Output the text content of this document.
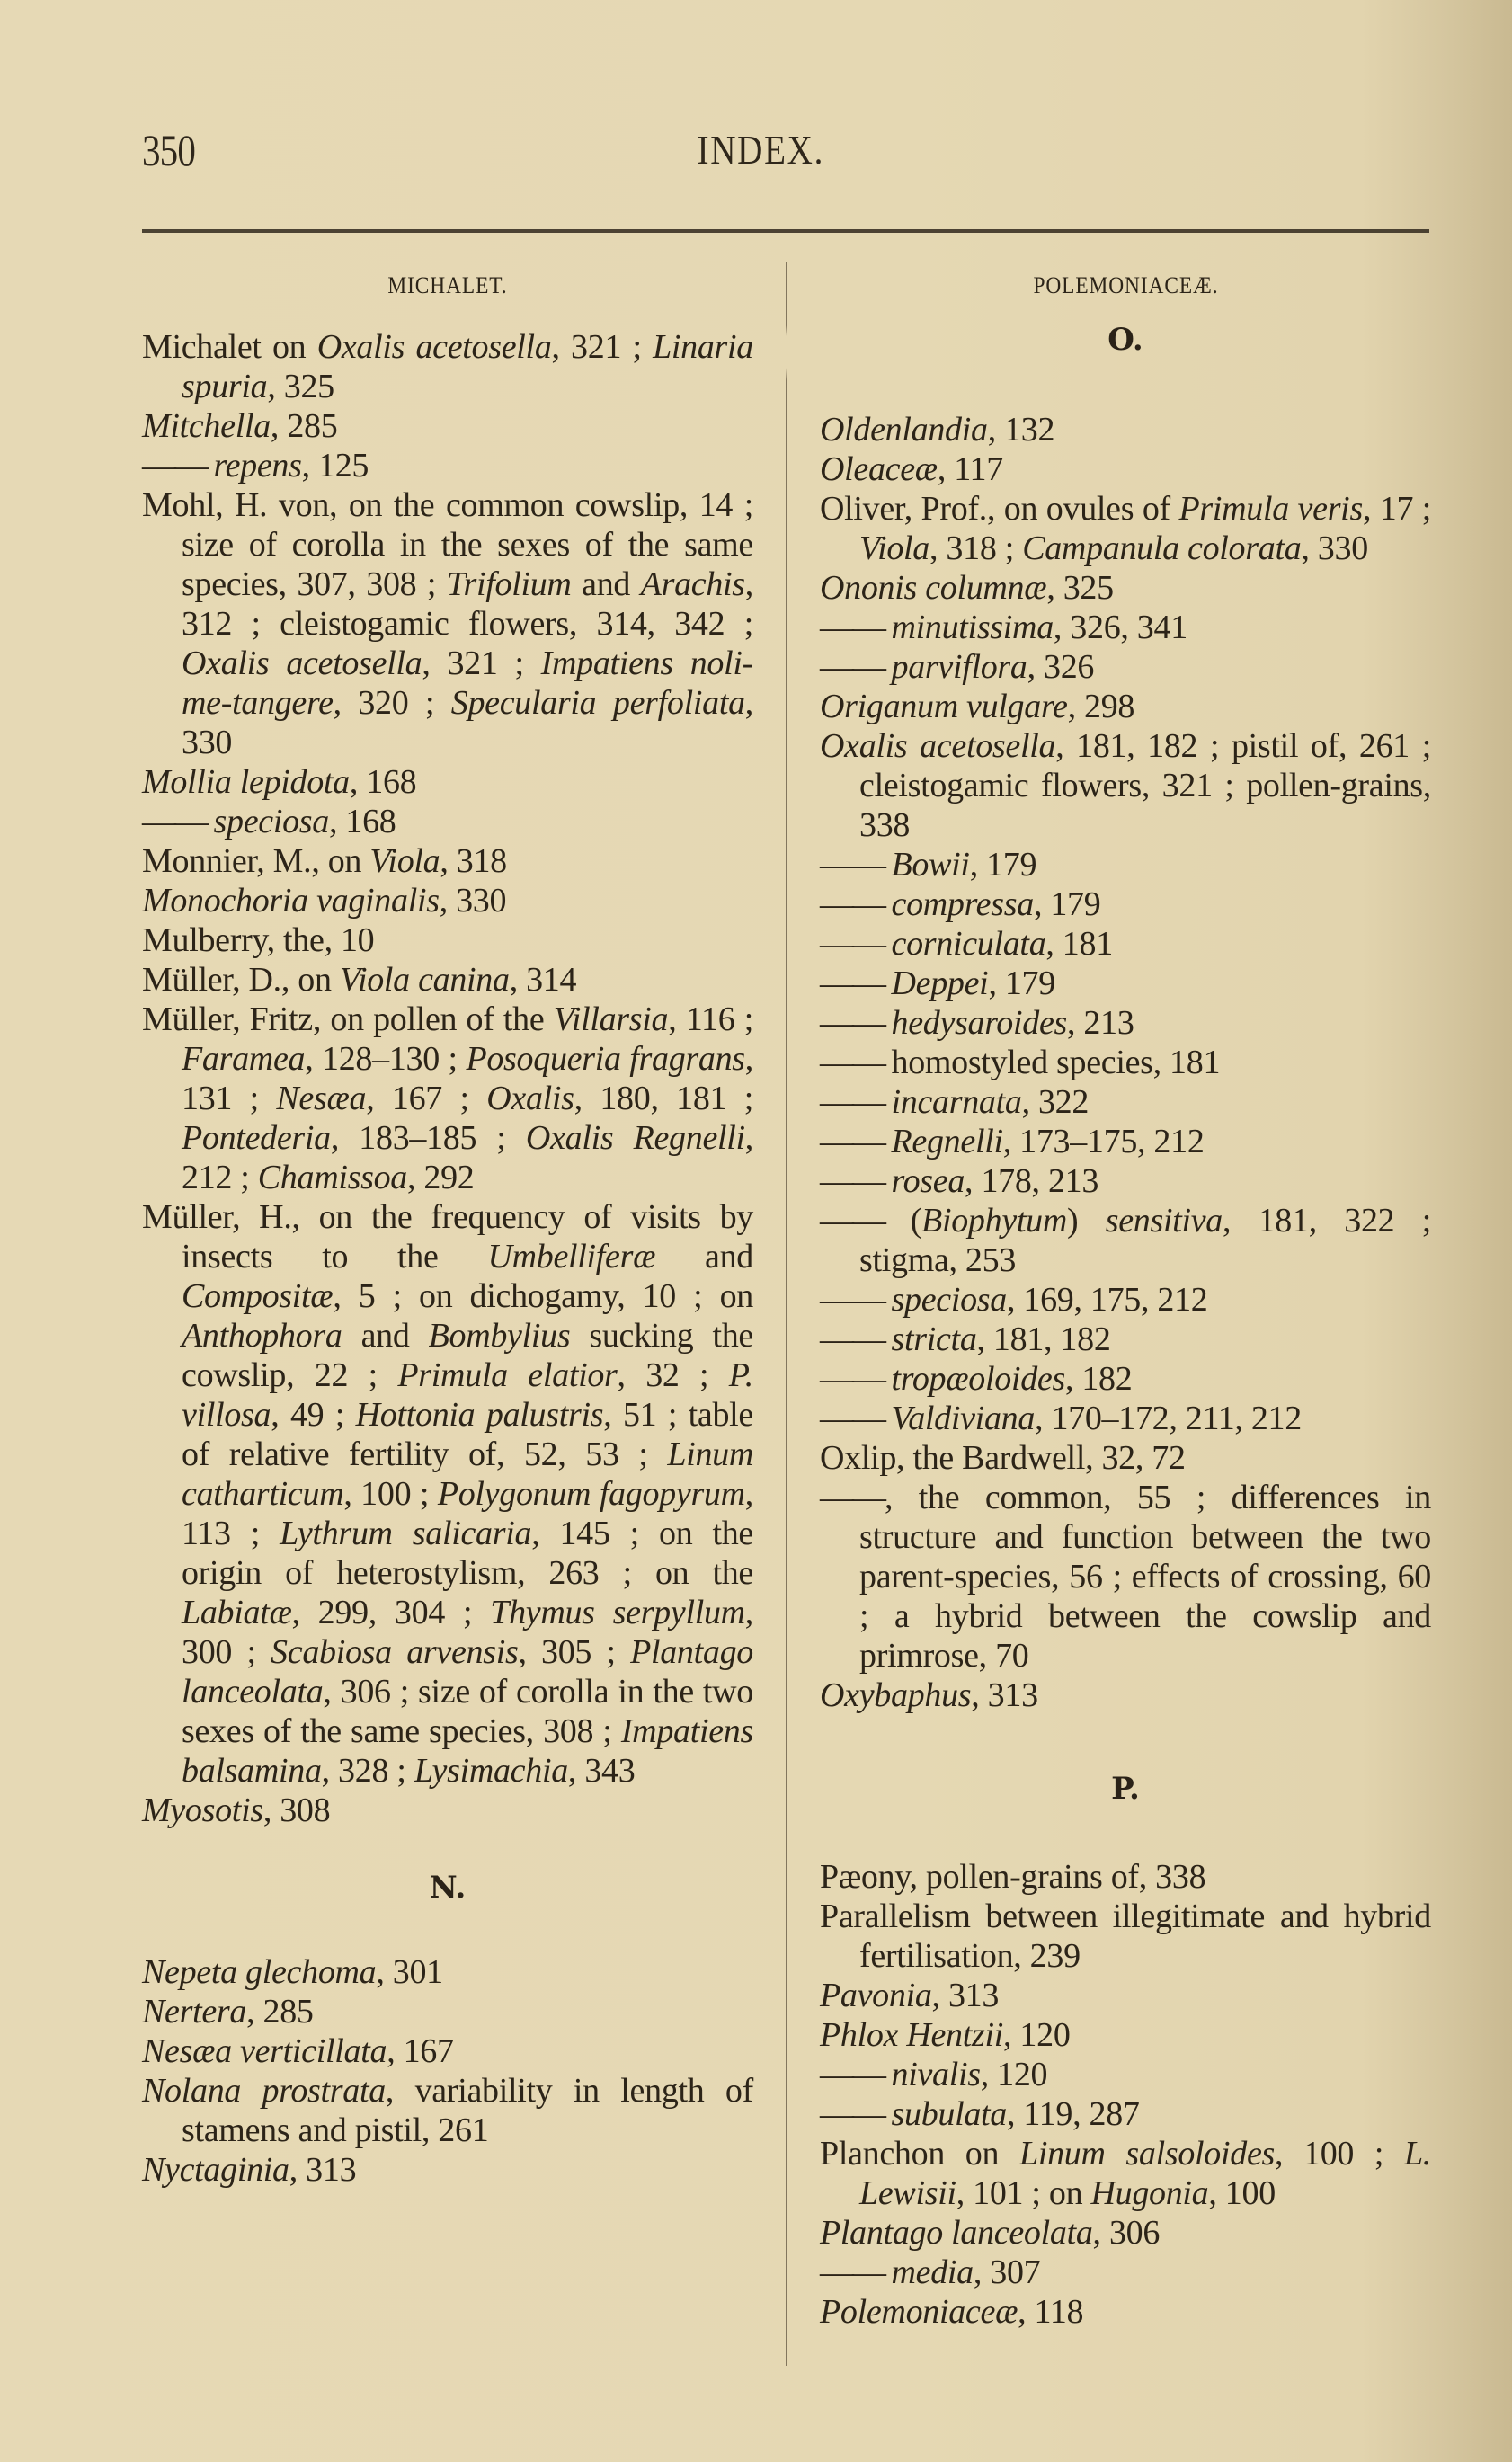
350	INDEX.
MICHALET.
Michalet on Oxalis acetosella, 321 ; Linaria spuria, 325
Mitchella, 285
—— repens, 125
Mohl, H. von, on the common cowslip, 14 ; size of corolla in the sexes of the same species, 307, 308 ; Trifolium and Arachis, 312 ; cleistogamic flowers, 314, 342 ; Oxalis acetosella, 321 ; Impatiens noli-me-tangere, 320 ; Specularia perfoliata, 330
Mollia lepidota, 168
—— speciosa, 168
Monnier, M., on Viola, 318
Monochoria vaginalis, 330
Mulberry, the, 10
Müller, D., on Viola canina, 314
Müller, Fritz, on pollen of the Villarsia, 116 ; Faramea, 128–130 ; Posoqueria fragrans, 131 ; Nesæa, 167 ; Oxalis, 180, 181 ; Pontederia, 183–185 ; Oxalis Regnelli, 212 ; Chamissoa, 292
Müller, H., on the frequency of visits by insects to the Umbelliferæ and Compositæ, 5 ; on dichogamy, 10 ; on Anthophora and Bombylius sucking the cowslip, 22 ; Primula elatior, 32 ; P. villosa, 49 ; Hottonia palustris, 51 ; table of relative fertility of, 52, 53 ; Linum catharticum, 100 ; Polygonum fagopyrum, 113 ; Lythrum salicaria, 145 ; on the origin of heterostylism, 263 ; on the Labiatæ, 299, 304 ; Thymus serpyllum, 300 ; Scabiosa arvensis, 305 ; Plantago lanceolata, 306 ; size of corolla in the two sexes of the same species, 308 ; Impatiens balsamina, 328 ; Lysimachia, 343
Myosotis, 308
N.
Nepeta glechoma, 301
Nertera, 285
Nesæa verticillata, 167
Nolana prostrata, variability in length of stamens and pistil, 261
Nyctaginia, 313
POLEMONIACEÆ.
O.
Oldenlandia, 132
Oleaceæ, 117
Oliver, Prof., on ovules of Primula veris, 17 ; Viola, 318 ; Campanula colorata, 330
Ononis columnæ, 325
—— minutissima, 326, 341
—— parviflora, 326
Origanum vulgare, 298
Oxalis acetosella, 181, 182 ; pistil of, 261 ; cleistogamic flowers, 321 ; pollen-grains, 338
—— Bowii, 179
—— compressa, 179
—— corniculata, 181
—— Deppei, 179
—— hedysaroides, 213
—— homostyled species, 181
—— incarnata, 322
—— Regnelli, 173–175, 212
—— rosea, 178, 213
—— (Biophytum) sensitiva, 181, 322 ; stigma, 253
—— speciosa, 169, 175, 212
—— stricta, 181, 182
—— tropæoloides, 182
—— Valdiviana, 170–172, 211, 212
Oxlip, the Bardwell, 32, 72
——, the common, 55 ; differences in structure and function between the two parent-species, 56 ; effects of crossing, 60 ; a hybrid between the cowslip and primrose, 70
Oxybaphus, 313
P.
Pæony, pollen-grains of, 338
Parallelism between illegitimate and hybrid fertilisation, 239
Pavonia, 313
Phlox Hentzii, 120
—— nivalis, 120
—— subulata, 119, 287
Planchon on Linum salsoloides, 100 ; L. Lewisii, 101 ; on Hugonia, 100
Plantago lanceolata, 306
—— media, 307
Polemoniaceæ, 118
